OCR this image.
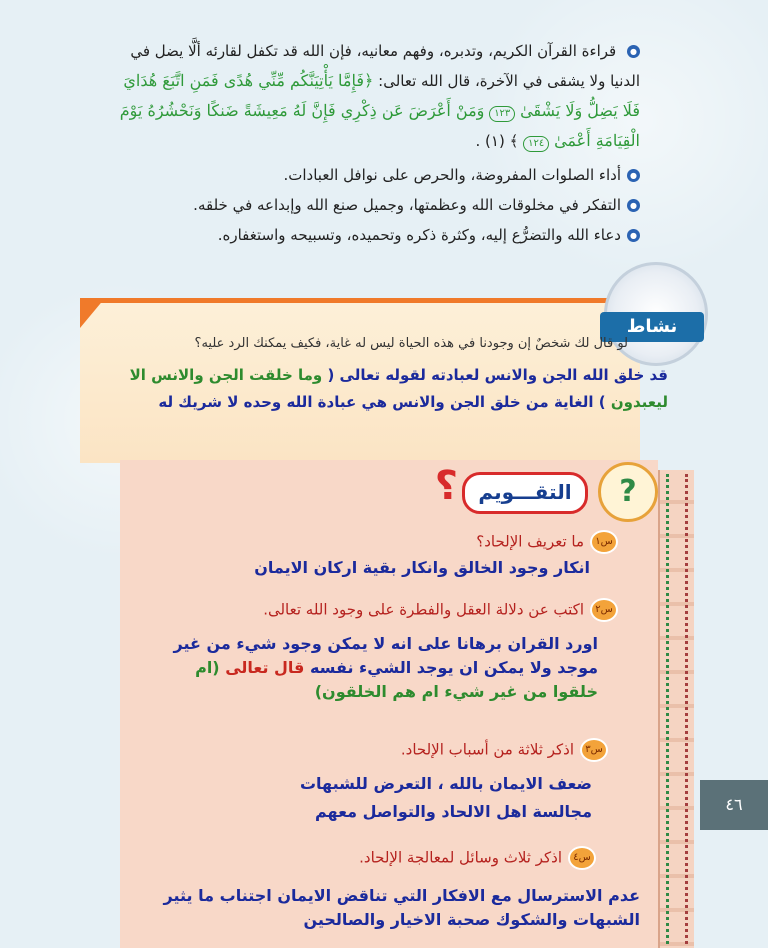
● قراءة القرآن الكريم، وتدبره، وفهم معانيه، فإن الله قد تكفل لقارئه ألَّا يضل في الدنيا ولا يشقى في الآخرة، قال الله تعالى: ﴿فَإِمَّا يَأْتِيَنَّكُم مِّنِّي هُدًى فَمَنِ اتَّبَعَ هُدَايَ فَلَا يَضِلُّ وَلَا يَشْقَىٰ ١٢٣ وَمَنْ أَعْرَضَ عَن ذِكْرِي فَإِنَّ لَهُ مَعِيشَةً ضَنكًا وَنَحْشُرُهُ يَوْمَ الْقِيَامَةِ أَعْمَىٰ ١٢٤ ﴾ (١) .

●أداء الصلوات المفروضة، والحرص على نوافل العبادات.
●التفكر في مخلوقات الله وعظمتها، وجميل صنع الله وإبداعه في خلقه.
●دعاء الله والتضرُّع إليه، وكثرة ذكره وتحميده، وتسبيحه واستغفاره.
نشاط
لو قال لك شخصٌ إن وجودنا في هذه الحياة ليس له غاية، فكيف يمكنك الرد عليه؟
قد خلق الله الجن والانس لعبادته لقوله تعالى ( وما خلقت الجن والانس الا ليعبدون ) الغاية من خلق الجن والانس هي عبادة الله وحده لا شريك له
?
التقـــويم
؟
س١ما تعريف الإلحاد؟
انكار وجود الخالق وانكار بقية اركان الايمان
س٢اكتب عن دلالة العقل والفطرة على وجود الله تعالى.
اورد القران برهانا على انه لا يمكن وجود شيء من غير موجد ولا يمكن ان يوجد الشيء نفسه قال تعالى (ام خلقوا من غير شيء ام هم الخلقون)
س٣اذكر ثلاثة من أسباب الإلحاد.
ضعف الايمان بالله ، التعرض للشبهات
مجالسة اهل الالحاد والتواصل معهم
س٤اذكر ثلاث وسائل لمعالجة الإلحاد.
عدم الاسترسال مع الافكار التي تناقض الايمان اجتناب ما يثير الشبهات والشكوك صحبة الاخيار والصالحين
٤٦
